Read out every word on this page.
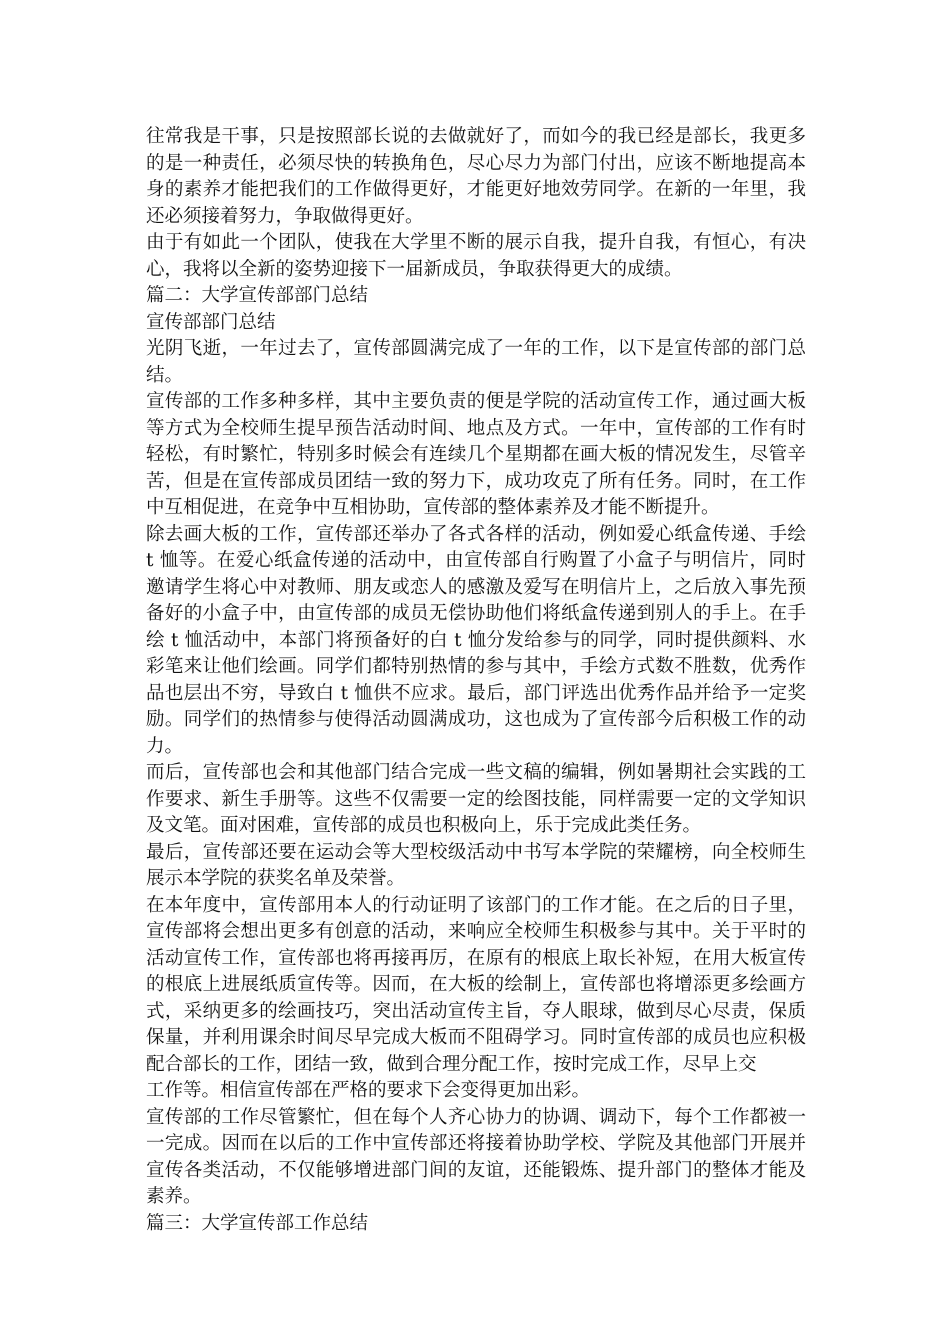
往常我是干事，只是按照部长说的去做就好了，而如今的我已经是部长，我更多的是一种责任，必须尽快的转换角色，尽心尽力为部门付出，应该不断地提高本身的素养才能把我们的工作做得更好，才能更好地效劳同学。在新的一年里，我还必须接着努力，争取做得更好。

由于有如此一个团队，使我在大学里不断的展示自我，提升自我，有恒心，有决心，我将以全新的姿势迎接下一届新成员，争取获得更大的成绩。

篇二：大学宣传部部门总结

宣传部部门总结

光阴飞逝，一年过去了，宣传部圆满完成了一年的工作，以下是宣传部的部门总结。

宣传部的工作多种多样，其中主要负责的便是学院的活动宣传工作，通过画大板等方式为全校师生提早预告活动时间、地点及方式。一年中，宣传部的工作有时轻松，有时繁忙，特别多时候会有连续几个星期都在画大板的情况发生，尽管辛苦，但是在宣传部成员团结一致的努力下，成功攻克了所有任务。同时，在工作中互相促进，在竞争中互相协助，宣传部的整体素养及才能不断提升。

除去画大板的工作，宣传部还举办了各式各样的活动，例如爱心纸盒传递、手绘 t 恤等。在爱心纸盒传递的活动中，由宣传部自行购置了小盒子与明信片，同时邀请学生将心中对教师、朋友或恋人的感激及爱写在明信片上，之后放入事先预备好的小盒子中，由宣传部的成员无偿协助他们将纸盒传递到别人的手上。在手绘 t 恤活动中，本部门将预备好的白 t 恤分发给参与的同学，同时提供颜料、水彩笔来让他们绘画。同学们都特别热情的参与其中，手绘方式数不胜数，优秀作品也层出不穷，导致白 t 恤供不应求。最后，部门评选出优秀作品并给予一定奖励。同学们的热情参与使得活动圆满成功，这也成为了宣传部今后积极工作的动力。

而后，宣传部也会和其他部门结合完成一些文稿的编辑，例如暑期社会实践的工作要求、新生手册等。这些不仅需要一定的绘图技能，同样需要一定的文学知识及文笔。面对困难，宣传部的成员也积极向上，乐于完成此类任务。

最后，宣传部还要在运动会等大型校级活动中书写本学院的荣耀榜，向全校师生展示本学院的获奖名单及荣誉。

在本年度中，宣传部用本人的行动证明了该部门的工作才能。在之后的日子里，宣传部将会想出更多有创意的活动，来响应全校师生积极参与其中。关于平时的活动宣传工作，宣传部也将再接再厉，在原有的根底上取长补短，在用大板宣传的根底上进展纸质宣传等。因而，在大板的绘制上，宣传部也将增添更多绘画方式，采纳更多的绘画技巧，突出活动宣传主旨，夺人眼球，做到尽心尽责，保质保量，并利用课余时间尽早完成大板而不阻碍学习。同时宣传部的成员也应积极配合部长的工作，团结一致，做到合理分配工作，按时完成工作，尽早上交

工作等。相信宣传部在严格的要求下会变得更加出彩。

宣传部的工作尽管繁忙，但在每个人齐心协力的协调、调动下，每个工作都被一一完成。因而在以后的工作中宣传部还将接着协助学校、学院及其他部门开展并宣传各类活动，不仅能够增进部门间的友谊，还能锻炼、提升部门的整体才能及素养。

篇三：大学宣传部工作总结
